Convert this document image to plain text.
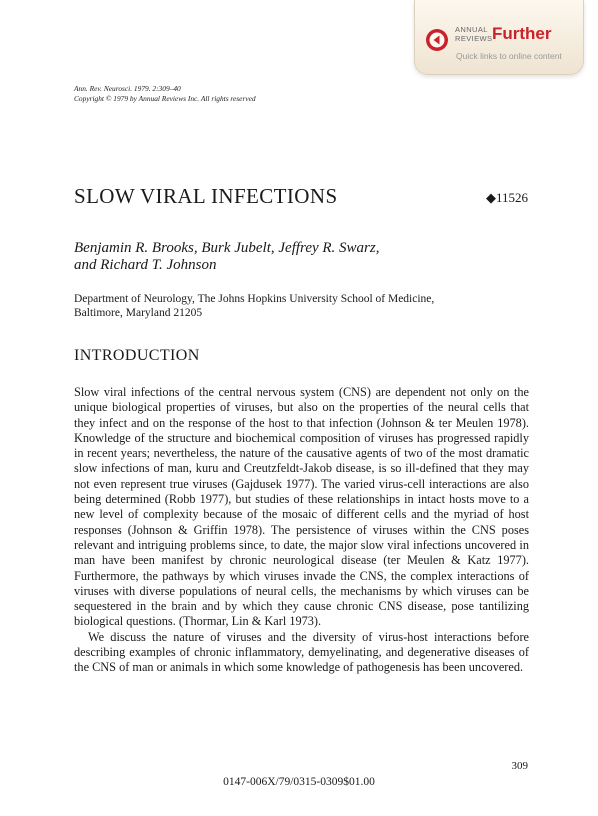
ANNUAL
REVIEWS Further
Quick links to online content
Ann. Rev. Neurosci. 1979. 2:309–40
Copyright © 1979 by Annual Reviews Inc. All rights reserved
SLOW VIRAL INFECTIONS	◆11526
Benjamin R. Brooks, Burk Jubelt, Jeffrey R. Swarz,
and Richard T. Johnson
Department of Neurology, The Johns Hopkins University School of Medicine,
Baltimore, Maryland 21205
INTRODUCTION

Slow viral infections of the central nervous system (CNS) are dependent not only on the unique biological properties of viruses, but also on the properties of the neural cells that they infect and on the response of the host to that infection (Johnson & ter Meulen 1978). Knowledge of the structure and biochemical composition of viruses has progressed rapidly in recent years; nevertheless, the nature of the causative agents of two of the most dramatic slow infections of man, kuru and Creutzfeldt-Jakob disease, is so ill-defined that they may not even represent true viruses (Gajdusek 1977). The varied virus-cell interactions are also being determined (Robb 1977), but studies of these relationships in intact hosts move to a new level of complexity because of the mosaic of different cells and the myriad of host responses (Johnson & Griffin 1978). The persistence of viruses within the CNS poses relevant and intriguing problems since, to date, the major slow viral infections uncovered in man have been manifest by chronic neurological disease (ter Meulen & Katz 1977). Furthermore, the pathways by which viruses invade the CNS, the complex interactions of viruses with diverse populations of neural cells, the mechanisms by which viruses can be sequestered in the brain and by which they cause chronic CNS disease, pose tantilizing biological questions. (Thormar, Lin & Karl 1973).

We discuss the nature of viruses and the diversity of virus-host interactions before describing examples of chronic inflammatory, demyelinating, and degenerative diseases of the CNS of man or animals in which some knowledge of pathogenesis has been uncovered.

309
0147-006X/79/0315-0309$01.00
